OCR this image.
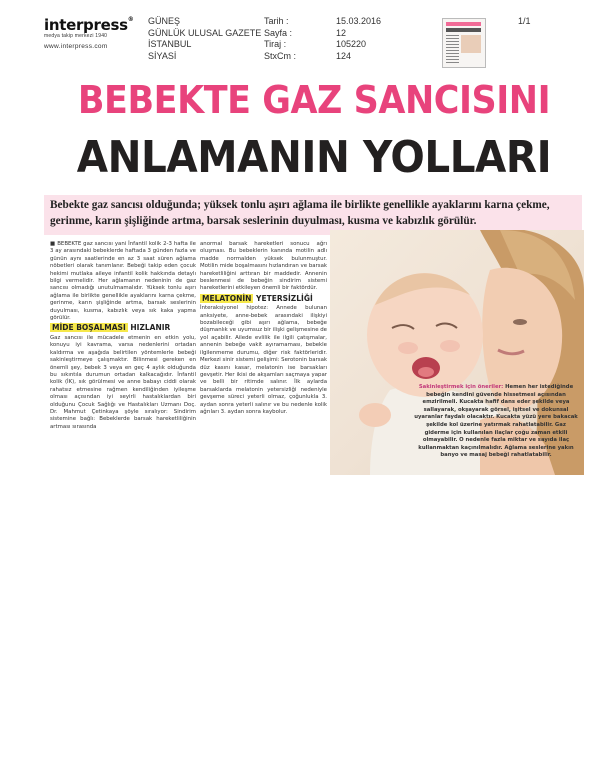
interpress®
medya takip merkezi 1940
www.interpress.com
GÜNEŞ
GÜNLÜK ULUSAL GAZETE
İSTANBUL
SİYASİ
Tarih :
Sayfa :
Tiraj :
StxCm :
15.03.2016
12
105220
124
1/1
BEBEKTE GAZ SANCISINI
ANLAMANIN YOLLARI
Bebekte gaz sancısı olduğunda; yüksek tonlu aşırı ağlama ile birlikte genellikle ayaklarını karna çekme, gerinme, karın şişliğinde artma, barsak seslerinin duyulması, kusma ve kabızlık görülür.

■ BEBEKTE gaz sancısı yani İnfantil kolik 2-3 hafta ile 3 ay arasındaki bebeklerde haftada 3 günden fazla ve günün aynı saatlerinde en az 3 saat süren ağlama nöbetleri olarak tanımlanır. Bebeği takip eden çocuk hekimi mutlaka aileye infantil kolik hakkında detaylı bilgi vermelidir. Her ağlamanın nedeninin de gaz sancısı olmadığı unutulmamalıdır. Yüksek tonlu aşırı ağlama ile birlikte genellikle ayaklarını karna çekme, gerinme, karın şişliğinde artma, barsak seslerinin duyulması, kusma, kabızlık veya sık kaka yapma görülür.

MİDE BOŞALMASI HIZLANIR

Gaz sancısı ile mücadele etmenin en etkin yolu, konuyu iyi kavrama, varsa nedenlerini ortadan kaldırma ve aşağıda belirtilen yöntemlerle bebeği sakinleştirmeye çalışmaktır. Bilinmesi gereken en önemli şey, bebek 3 veya en geç 4 aylık olduğunda bu sıkıntıla durumun ortadan kalkacağıdır. İnfantil kolik (İK), sık görülmesi ve anne babayı ciddi olarak rahatsız etmesine rağmen kendiliğinden iyileşme olması açısından iyi seyirli hastalıklardan biri olduğunu Çocuk Sağlığı ve Hastalıkları Uzmanı Doç. Dr. Mahmut Çetinkaya şöyle sıralıyor: Sindirim sistemine bağlı: Bebeklerde barsak hareketliliğinin artması sırasında

anormal barsak hareketleri sonucu ağrı oluşması. Bu bebeklerin kanında motilin adlı madde normalden yüksek bulunmuştur. Motilin mide boşalmasını hızlandıran ve barsak hareketliliğini arttıran bir maddedir. Annenin beslenmesi de bebeğin sindirim sistemi hareketlerini etkileyen önemli bir faktördür.

MELATONİN YETERSİZLİĞİ

İnteraksiyonel hipotez: Annede bulunan anksiyete, anne-bebek arasındaki ilişkiyi bozabileceği gibi aşırı ağlama, bebeğe düşmanlık ve uyumsuz bir ilişki gelişmesine de yol açabilir. Ailede evlilik ile ilgili çatışmalar, annenin bebeğe vakit ayıramaması, bebekle ilgilenmeme durumu, diğer risk faktörleridir. Merkezi sinir sistemi gelişimi: Serotonin barsak düz kasını kasar, melatonin ise barsakları gevşetir. Her ikisi de akşamları saçmaya yapar ve belli bir ritimde salınır. İlk aylarda barsaklarda melatonin yetersizliği nedeniyle gevşeme süreci yeterli olmaz, çoğunlukla 3. aydan sonra yeterli salınır ve bu nedenle kolik ağrıları 3. aydan sonra kaybolur.

Sakinleştirmek için öneriler: Hemen her istediğinde bebeğin kendini güvende hissetmesi açısından emzirilmeli. Kucakta hafif dans eder şekilde veya sallayarak, okşayarak görsel, işitsel ve dokunsal uyaranlar faydalı olacaktır. Kucakta yüzü yere bakacak şekilde kol üzerine yatırmak rahatlatabilir. Gaz giderme için kullanılan ilaçlar çoğu zaman etkili olmayabilir. O nedenle fazla miktar ve sayıda ilaç kullanmaktan kaçınılmalıdır. Ağlama seslerine yakın banyo ve masaj bebeği rahatlatabilir.
